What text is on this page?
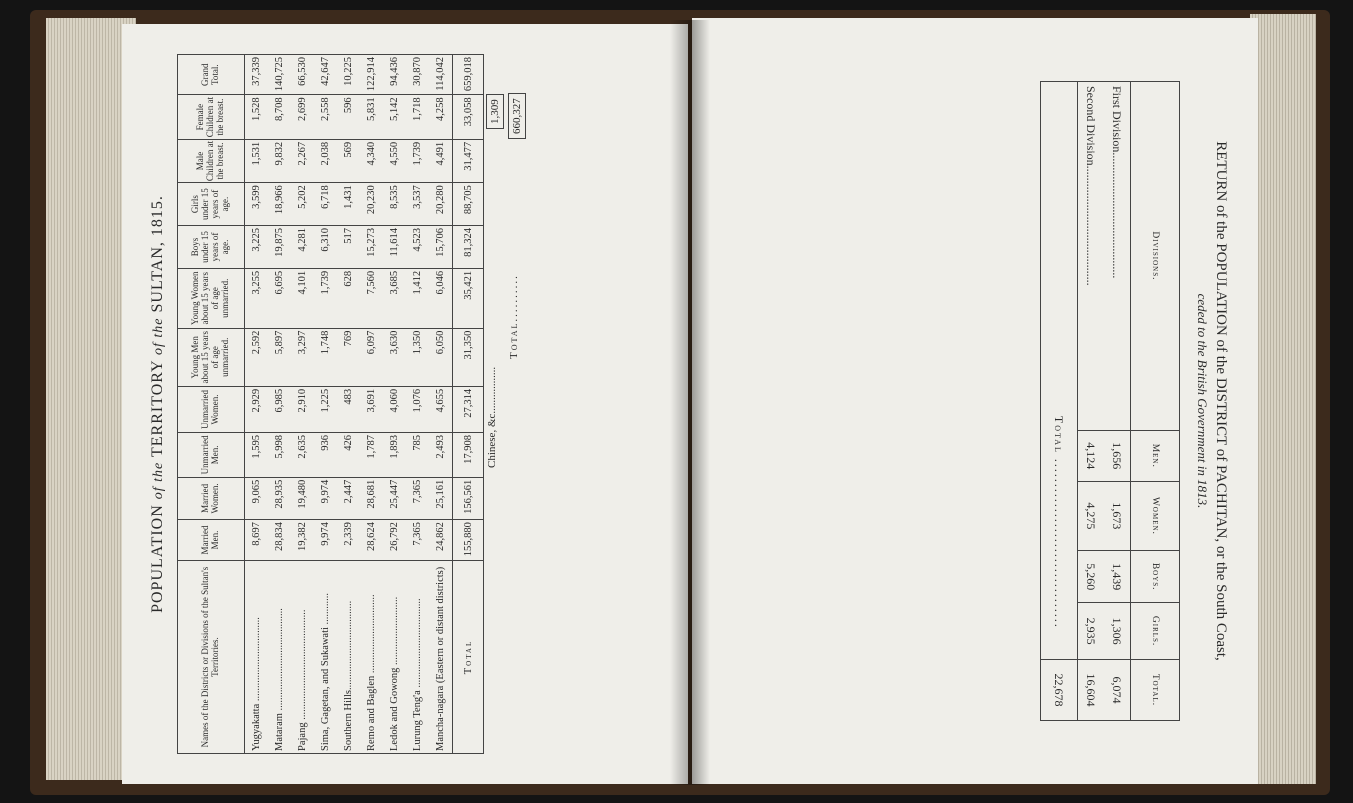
POPULATION of the TERRITORY of the SULTAN, 1815.
Names of the Districts or Divisions of the Sultan's Territories.	Married Men.	Married Women.	Unmarried Men.	Unmarried Women.	Young Men about 15 years of age unmarried.	Young Women about 15 years of age unmarried.	Boys under 15 years of age.	Girls under 15 years of age.	Male Children at the breast.	Female Children at the breast.	Grand Total.
Yugyakatta ................................	8,697	9,065	1,595	2,929	2,592	3,255	3,225	3,599	1,531	1,528	37,339
Mataram .......................................	28,834	28,935	5,998	6,985	5,897	6,695	19,875	18,966	9,832	8,708	140,725
Pajang ..........................................	19,382	19,480	2,635	2,910	3,297	4,101	4,281	5,202	2,267	2,699	66,530
Sima, Gagetan, and Sukawati ............	9,974	9,974	936	1,225	1,748	1,739	6,310	6,718	2,038	2,558	42,647
Southern Hills..................................	2,339	2,447	426	483	769	628	517	1,431	569	596	10,225
Remo and Baglen ..............................	28,624	28,681	1,787	3,691	6,097	7,560	15,273	20,230	4,340	5,831	122,914
Ledok and Gowong ..........................	26,792	25,447	1,893	4,060	3,630	3,685	11,614	8,535	4,550	5,142	94,436
Lurung Teng'a ..................................	7,365	7,365	785	1,076	1,350	1,412	4,523	3,537	1,739	1,718	30,870
Mancha-nagara (Eastern or distant districts)	24,862	25,161	2,493	4,655	6,050	6,046	15,706	20,280	4,491	4,258	114,042
Total	155,880	156,561	17,908	27,314	31,350	35,421	81,324	88,705	31,477	33,058	659,018
Chinese, &c.................
1,309
Total..........
660,327
RETURN of the POPULATION of the DISTRICT of PACHITAN, or the South Coast,
ceded to the British Government in 1813.
Divisions.	Men.	Women.	Boys.	Girls.	Total.
First Division..........................................	1,656	1,673	1,439	1,306	6,074
Second Division........................................	4,124	4,275	5,260	2,935	16,604
Total ..................................					22,678
